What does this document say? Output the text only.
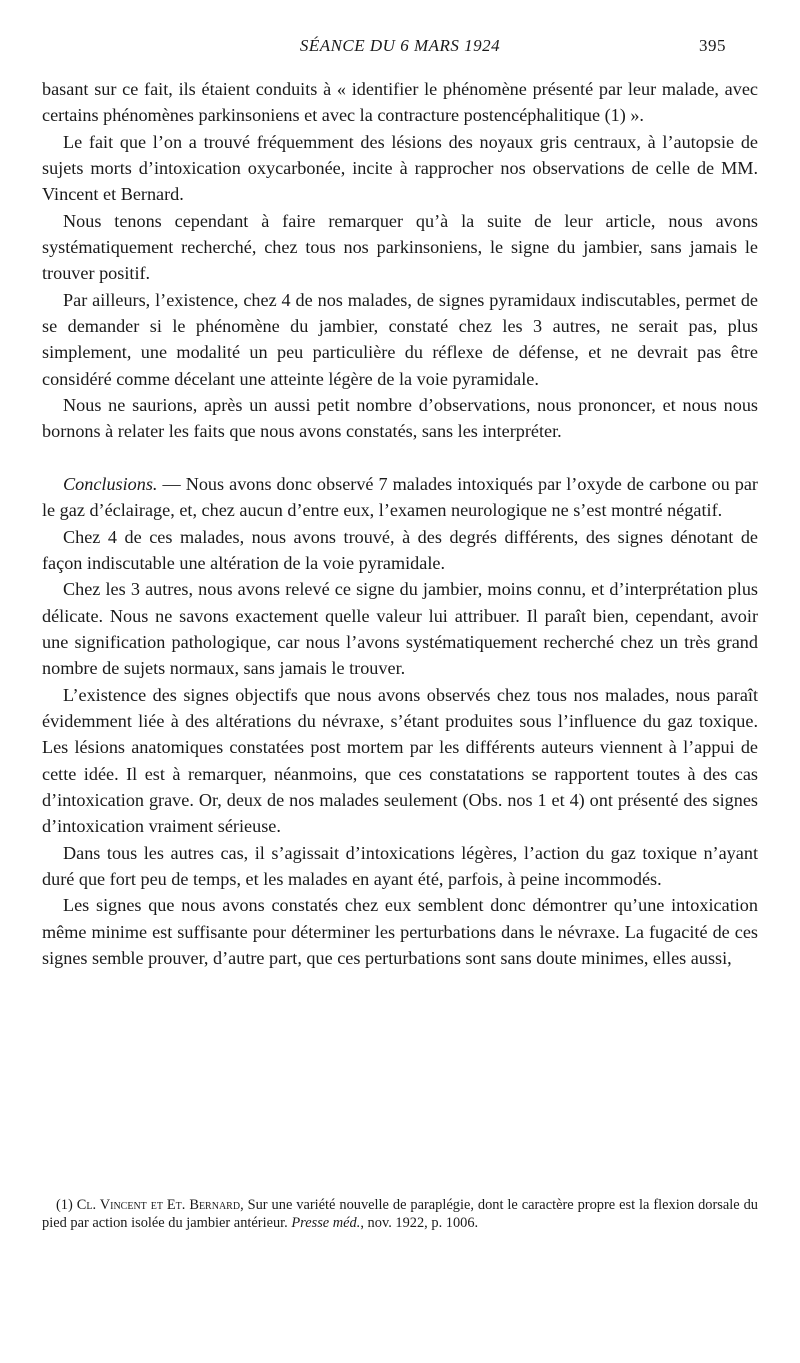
SÉANCE DU 6 MARS 1924	395

basant sur ce fait, ils étaient conduits à « identifier le phénomène présenté par leur malade, avec certains phénomènes parkinsoniens et avec la contracture postencéphalitique (1) ».

Le fait que l’on a trouvé fréquemment des lésions des noyaux gris centraux, à l’autopsie de sujets morts d’intoxication oxycarbonée, incite à rapprocher nos observations de celle de MM. Vincent et Bernard.

Nous tenons cependant à faire remarquer qu’à la suite de leur article, nous avons systématiquement recherché, chez tous nos parkinsoniens, le signe du jambier, sans jamais le trouver positif.

Par ailleurs, l’existence, chez 4 de nos malades, de signes pyramidaux indiscutables, permet de se demander si le phénomène du jambier, constaté chez les 3 autres, ne serait pas, plus simplement, une modalité un peu particulière du réflexe de défense, et ne devrait pas être considéré comme décelant une atteinte légère de la voie pyramidale.

Nous ne saurions, après un aussi petit nombre d’observations, nous prononcer, et nous nous bornons à relater les faits que nous avons constatés, sans les interpréter.

Conclusions. — Nous avons donc observé 7 malades intoxiqués par l’oxyde de carbone ou par le gaz d’éclairage, et, chez aucun d’entre eux, l’examen neurologique ne s’est montré négatif.

Chez 4 de ces malades, nous avons trouvé, à des degrés différents, des signes dénotant de façon indiscutable une altération de la voie pyramidale.

Chez les 3 autres, nous avons relevé ce signe du jambier, moins connu, et d’interprétation plus délicate. Nous ne savons exactement quelle valeur lui attribuer. Il paraît bien, cependant, avoir une signification pathologique, car nous l’avons systématiquement recherché chez un très grand nombre de sujets normaux, sans jamais le trouver.

L’existence des signes objectifs que nous avons observés chez tous nos malades, nous paraît évidemment liée à des altérations du névraxe, s’étant produites sous l’influence du gaz toxique. Les lésions anatomiques constatées post mortem par les différents auteurs viennent à l’appui de cette idée. Il est à remarquer, néanmoins, que ces constatations se rapportent toutes à des cas d’intoxication grave. Or, deux de nos malades seulement (Obs. nos 1 et 4) ont présenté des signes d’intoxication vraiment sérieuse.

Dans tous les autres cas, il s’agissait d’intoxications légères, l’action du gaz toxique n’ayant duré que fort peu de temps, et les malades en ayant été, parfois, à peine incommodés.

Les signes que nous avons constatés chez eux semblent donc démontrer qu’une intoxication même minime est suffisante pour déterminer les perturbations dans le névraxe. La fugacité de ces signes semble prouver, d’autre part, que ces perturbations sont sans doute minimes, elles aussi,

(1) Cl. Vincent et Et. Bernard, Sur une variété nouvelle de paraplégie, dont le caractère propre est la flexion dorsale du pied par action isolée du jambier antérieur. Presse méd., nov. 1922, p. 1006.
